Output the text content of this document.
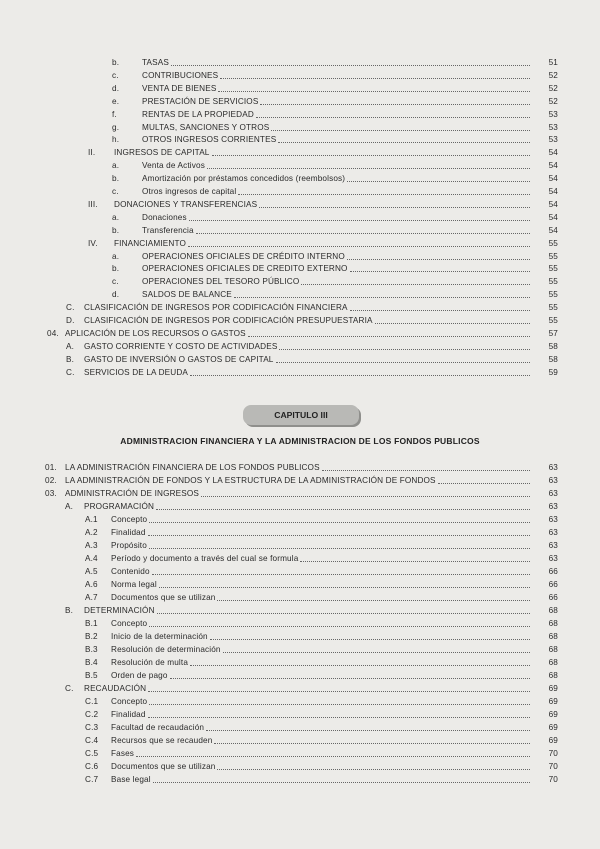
b.	TASAS	51
c.	CONTRIBUCIONES	52
d.	VENTA DE BIENES	52
e.	PRESTACIÓN DE SERVICIOS	52
f.	RENTAS DE LA PROPIEDAD	53
g.	MULTAS, SANCIONES Y OTROS	53
h.	OTROS INGRESOS CORRIENTES	53
II.	INGRESOS DE CAPITAL	54
a.	Venta de Activos	54
b.	Amortización por préstamos concedidos (reembolsos)	54
c.	Otros ingresos de capital	54
III.	DONACIONES Y TRANSFERENCIAS	54
a.	Donaciones	54
b.	Transferencia	54
IV.	FINANCIAMIENTO	55
a.	OPERACIONES OFICIALES DE CRÉDITO INTERNO	55
b.	OPERACIONES OFICIALES DE CREDITO EXTERNO	55
c.	OPERACIONES DEL TESORO PÚBLICO	55
d.	SALDOS DE BALANCE	55
C.	CLASIFICACIÓN DE INGRESOS POR CODIFICACIÓN FINANCIERA	55
D.	CLASIFICACIÓN DE INGRESOS POR CODIFICACIÓN PRESUPUESTARIA	55
04. APLICACIÓN DE LOS RECURSOS O GASTOS	57
A.	GASTO CORRIENTE Y COSTO DE ACTIVIDADES	58
B.	GASTO DE INVERSIÓN O GASTOS DE CAPITAL	58
C.	SERVICIOS DE LA DEUDA	59
CAPITULO III
ADMINISTRACION FINANCIERA Y LA ADMINISTRACION DE LOS FONDOS PUBLICOS
01. LA ADMINISTRACIÓN FINANCIERA DE LOS FONDOS PUBLICOS	63
02. LA ADMINISTRACIÓN DE FONDOS Y LA ESTRUCTURA DE LA ADMINISTRACIÓN DE FONDOS	63
03. ADMINISTRACIÓN DE INGRESOS	63
A.	PROGRAMACIÓN	63
A.1	Concepto	63
A.2	Finalidad	63
A.3	Propósito	63
A.4	Período y documento a través del cual se formula	63
A.5	Contenido	66
A.6	Norma legal	66
A.7	Documentos que se utilizan	66
B.	DETERMINACIÓN	68
B.1	Concepto	68
B.2	Inicio de la determinación	68
B.3	Resolución de determinación	68
B.4	Resolución de multa	68
B.5	Orden de pago	68
C.	RECAUDACIÓN	69
C.1	Concepto	69
C.2	Finalidad	69
C.3	Facultad de recaudación	69
C.4	Recursos que se recauden	69
C.5	Fases	70
C.6	Documentos que se utilizan	70
C.7	Base legal	70
